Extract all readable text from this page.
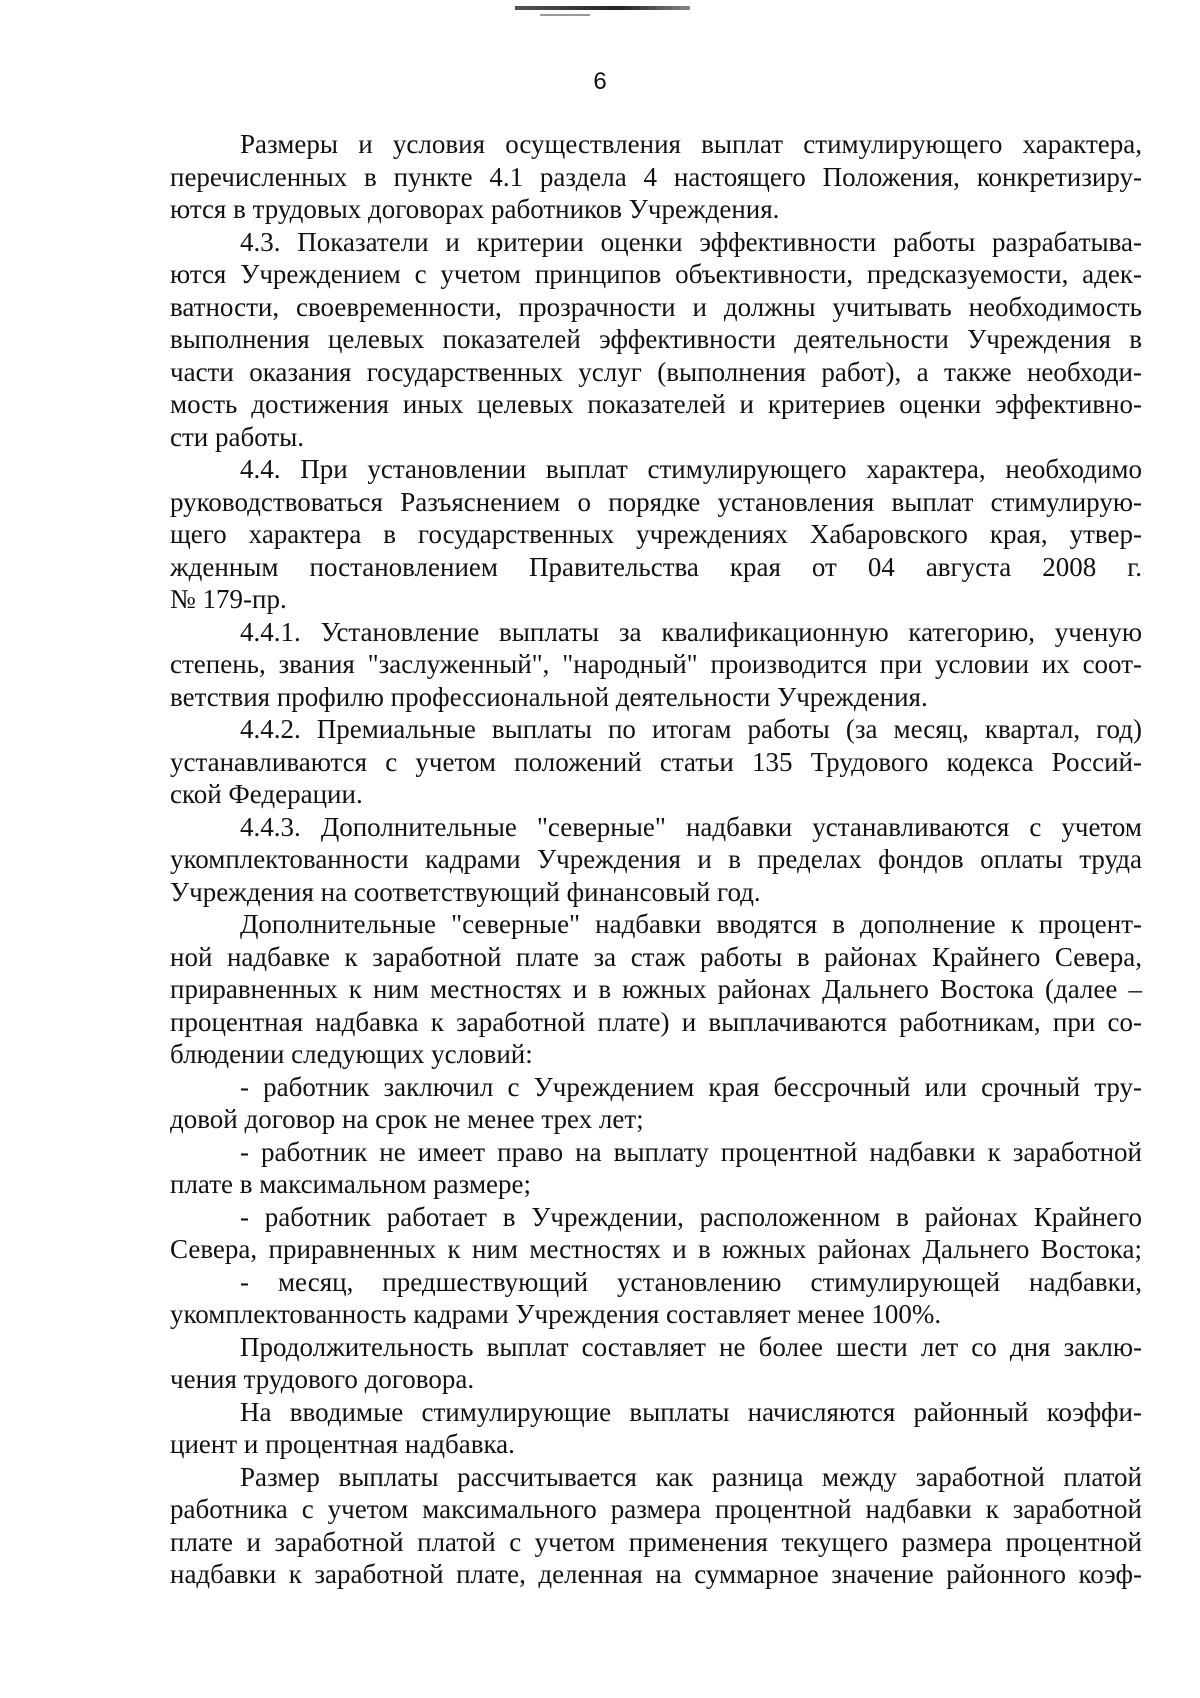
6
Размеры и условия осуществления выплат стимулирующего характера,
перечисленных в пункте 4.1 раздела 4 настоящего Положения, конкретизиру-
ются в трудовых договорах работников Учреждения.
4.3. Показатели и критерии оценки эффективности работы разрабатыва-
ются Учреждением с учетом принципов объективности, предсказуемости, адек-
ватности, своевременности, прозрачности и должны учитывать необходимость
выполнения целевых показателей эффективности деятельности Учреждения в
части оказания государственных услуг (выполнения работ), а также необходи-
мость достижения иных целевых показателей и критериев оценки эффективно-
сти работы.
4.4. При установлении выплат стимулирующего характера, необходимо
руководствоваться Разъяснением о порядке установления выплат стимулирую-
щего характера в государственных учреждениях Хабаровского края, утвер-
жденным постановлением Правительства края от 04 августа 2008 г.
№ 179-пр.
4.4.1. Установление выплаты за квалификационную категорию, ученую
степень, звания "заслуженный", "народный" производится при условии их соот-
ветствия профилю профессиональной деятельности Учреждения.
4.4.2. Премиальные выплаты по итогам работы (за месяц, квартал, год)
устанавливаются с учетом положений статьи 135 Трудового кодекса Россий-
ской Федерации.
4.4.3. Дополнительные "северные" надбавки устанавливаются с учетом
укомплектованности кадрами Учреждения и в пределах фондов оплаты труда
Учреждения на соответствующий финансовый год.
Дополнительные "северные" надбавки вводятся в дополнение к процент-
ной надбавке к заработной плате за стаж работы в районах Крайнего Севера,
приравненных к ним местностях и в южных районах Дальнего Востока (далее –
процентная надбавка к заработной плате) и выплачиваются работникам, при со-
блюдении следующих условий:
- работник заключил с Учреждением края бессрочный или срочный тру-
довой договор на срок не менее трех лет;
- работник не имеет право на выплату процентной надбавки к заработной
плате в максимальном размере;
- работник работает в Учреждении, расположенном в районах Крайнего
Севера, приравненных к ним местностях и в южных районах Дальнего Востока;
- месяц, предшествующий установлению стимулирующей надбавки,
укомплектованность кадрами Учреждения составляет менее 100%.
Продолжительность выплат составляет не более шести лет со дня заклю-
чения трудового договора.
На вводимые стимулирующие выплаты начисляются районный коэффи-
циент и процентная надбавка.
Размер выплаты рассчитывается как разница между заработной платой
работника с учетом максимального размера процентной надбавки к заработной
плате и заработной платой с учетом применения текущего размера процентной
надбавки к заработной плате, деленная на суммарное значение районного коэф-
